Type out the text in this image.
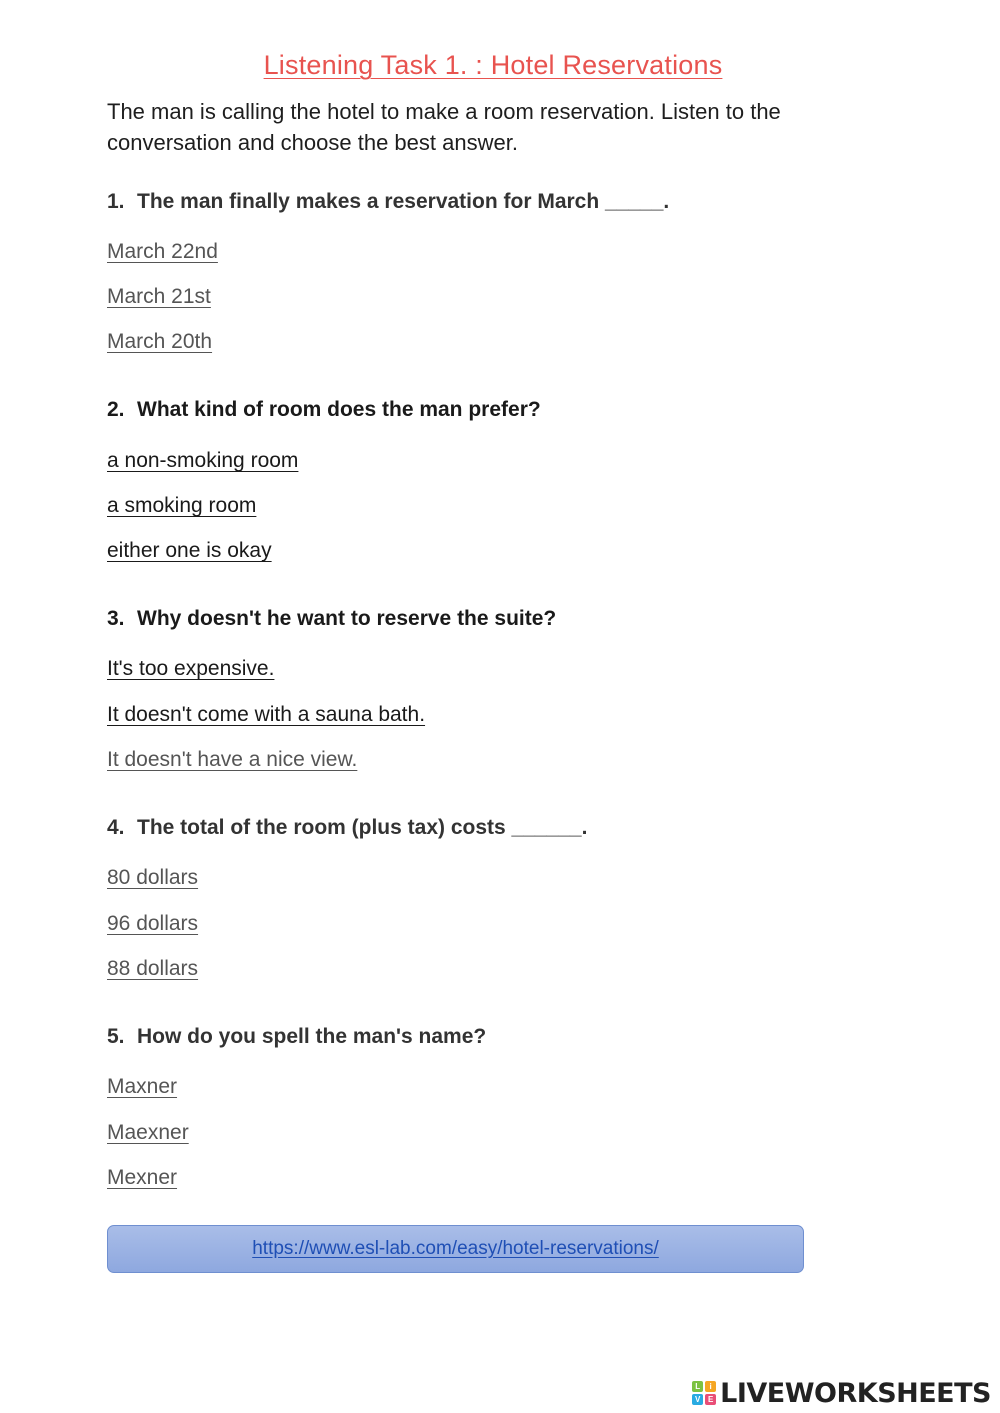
Listening Task 1. : Hotel Reservations
The man is calling the hotel to make a room reservation. Listen to the conversation and choose the best answer.
1. The man finally makes a reservation for March _____.
March 22nd
March 21st
March 20th
2. What kind of room does the man prefer?
a non-smoking room
a smoking room
either one is okay
3. Why doesn't he want to reserve the suite?
It's too expensive.
It doesn't come with a sauna bath.
It doesn't have a nice view.
4. The total of the room (plus tax) costs ______.
80 dollars
96 dollars
88 dollars
5. How do you spell the man's name?
Maxner
Maexner
Mexner
https://www.esl-lab.com/easy/hotel-reservations/
L	i
V E LIVEWORKSHEETS
